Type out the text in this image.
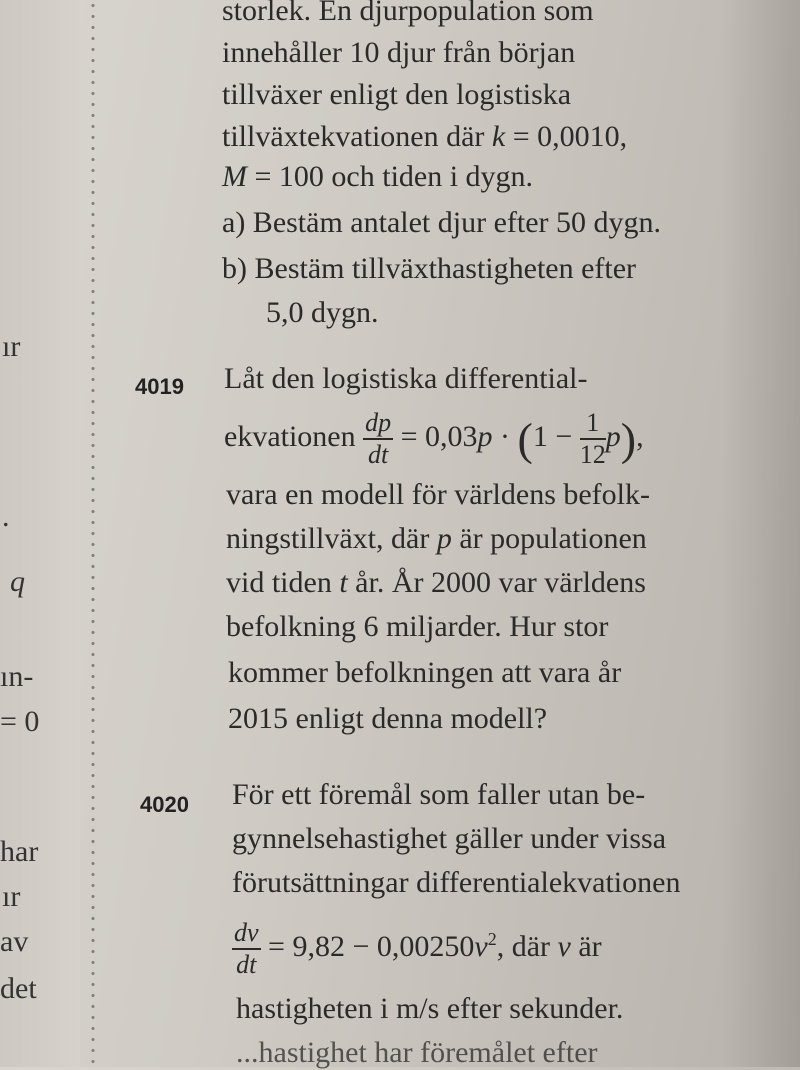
ır
.
q
ın-
= 0
har
ır
av
det
storlek. En djurpopulation som
innehåller 10 djur från början
tillväxer enligt den logistiska
tillväxtekvationen där k = 0,0010,
M = 100 och tiden i dygn.
a) Bestäm antalet djur efter 50 dygn.
b) Bestäm tillväxthastigheten efter
5,0 dygn.
4019 Låt den logistiska differential-
ekvationen $\frac{dp}{dt} = 0,03p \cdot (1 - \frac{1}{12} p)$,
vara en modell för världens befolk-
ningstillväxt, där p är populationen
vid tiden t år. År 2000 var världens
befolkning 6 miljarder. Hur stor
kommer befolkningen att vara år
2015 enligt denna modell?
4020 För ett föremål som faller utan be-
gynnelsehastighet gäller under vissa
förutsättningar differentialekvationen
$\frac{dv}{dt} = 9,82 - 0,00250v^2$, där v är
hastigheten i m/s efter sekunder.
...hastighet har föremålet efter
